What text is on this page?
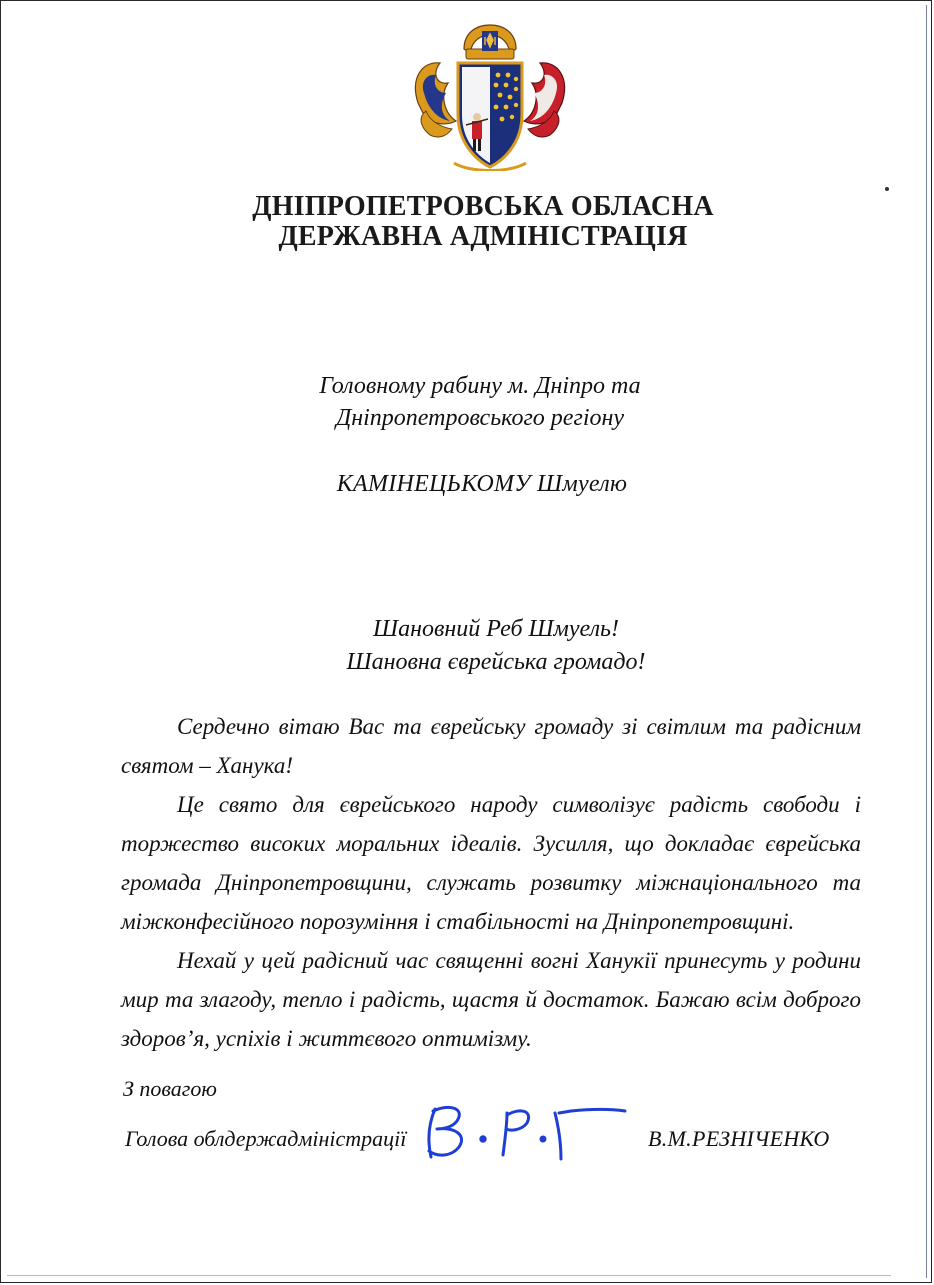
ДНІПРОПЕТРОВСЬКА ОБЛАСНА
ДЕРЖАВНА АДМІНІСТРАЦІЯ
Головному рабину м. Дніпро та
Дніпропетровського регіону
КАМІНЕЦЬКОМУ Шмуелю
Шановний Реб Шмуель!
Шановна єврейська громадо!

Сердечно вітаю Вас та єврейську громаду зі світлим та радісним святом – Ханука!

Це свято для єврейського народу символізує радість свободи і торжество високих моральних ідеалів. Зусилля, що докладає єврейська громада Дніпропетровщини, служать розвитку міжнаціонального та міжконфесійного порозуміння і стабільності на Дніпропетровщині.

Нехай у цей радісний час священні вогні Ханукії принесуть у родини мир та злагоду, тепло і радість, щастя й достаток. Бажаю всім доброго здоров’я, успіхів і життєвого оптимізму.

З повагою
Голова облдержадміністрації	В.М.РЕЗНІЧЕНКО
